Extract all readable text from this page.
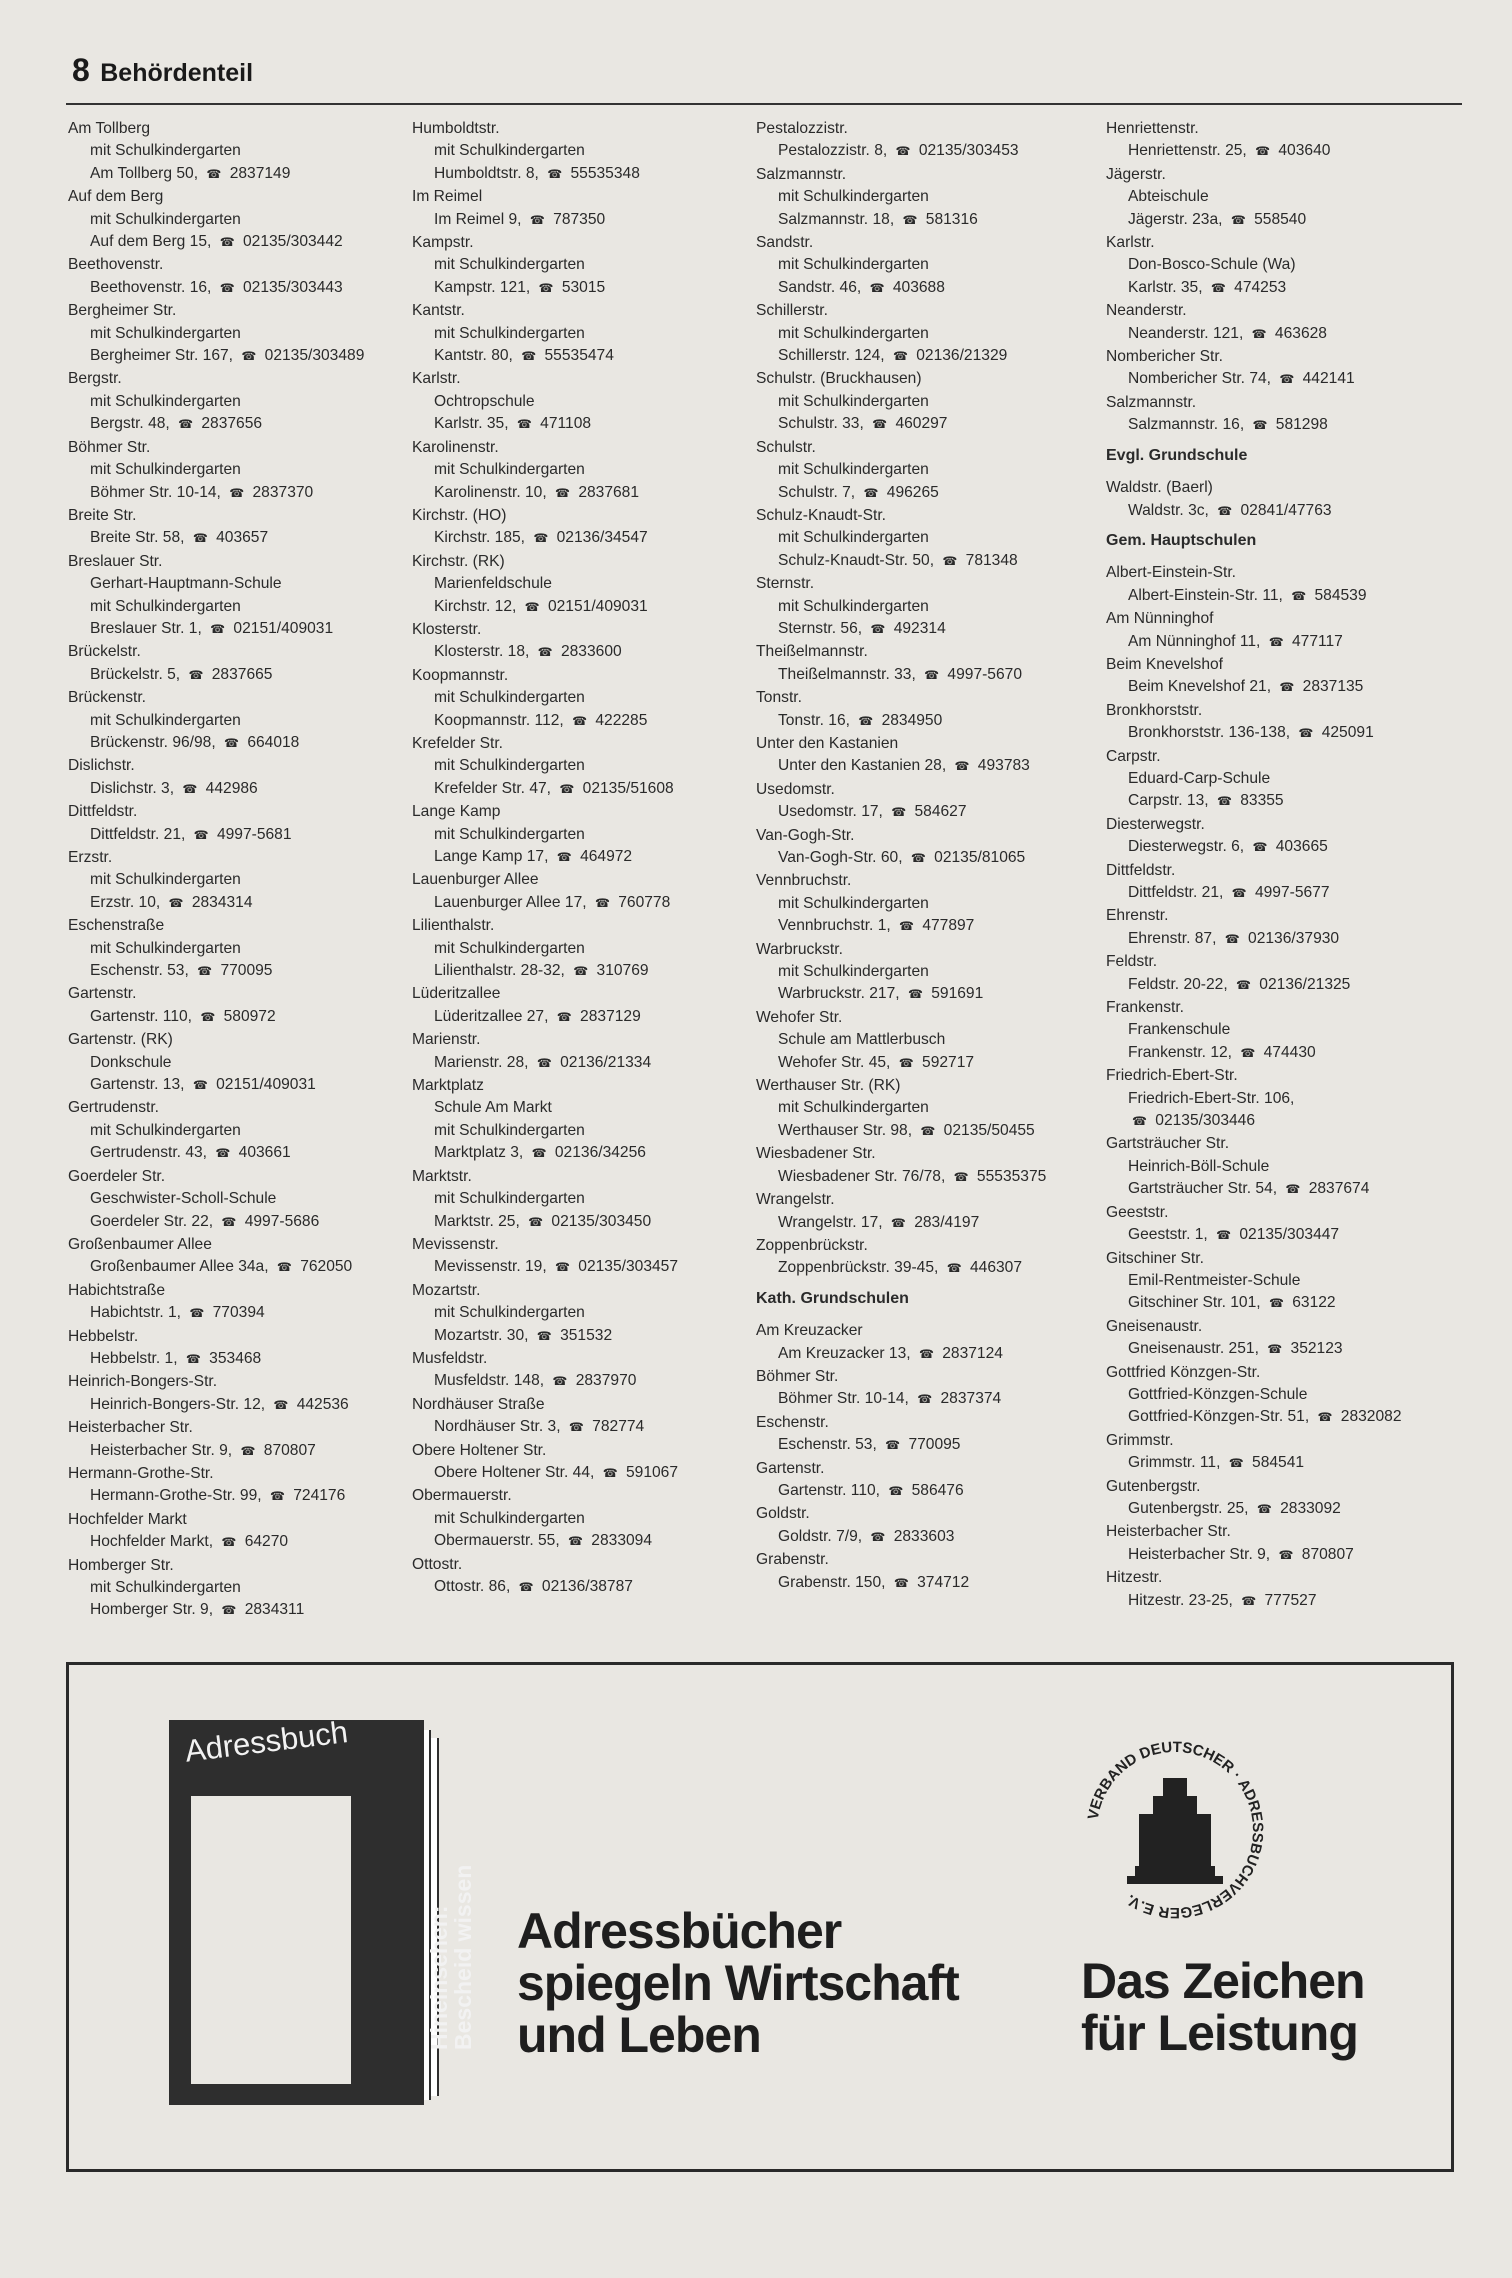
8 Behördenteil
Am Tollberg
mit Schulkindergarten
Am Tollberg 50, ☎ 2837149
Auf dem Berg
mit Schulkindergarten
Auf dem Berg 15, ☎ 02135/303442
Beethovenstr.
Beethovenstr. 16, ☎ 02135/303443
Bergheimer Str.
mit Schulkindergarten
Bergheimer Str. 167, ☎ 02135/303489
Bergstr.
mit Schulkindergarten
Bergstr. 48, ☎ 2837656
Böhmer Str.
mit Schulkindergarten
Böhmer Str. 10-14, ☎ 2837370
Breite Str.
Breite Str. 58, ☎ 403657
Breslauer Str.
Gerhart-Hauptmann-Schule
mit Schulkindergarten
Breslauer Str. 1, ☎ 02151/409031
Brückelstr.
Brückelstr. 5, ☎ 2837665
Brückenstr.
mit Schulkindergarten
Brückenstr. 96/98, ☎ 664018
Dislichstr.
Dislichstr. 3, ☎ 442986
Dittfeldstr.
Dittfeldstr. 21, ☎ 4997-5681
Erzstr.
mit Schulkindergarten
Erzstr. 10, ☎ 2834314
Eschenstraße
mit Schulkindergarten
Eschenstr. 53, ☎ 770095
Gartenstr.
Gartenstr. 110, ☎ 580972
Gartenstr. (RK)
Donkschule
Gartenstr. 13, ☎ 02151/409031
Gertrudenstr.
mit Schulkindergarten
Gertrudenstr. 43, ☎ 403661
Goerdeler Str.
Geschwister-Scholl-Schule
Goerdeler Str. 22, ☎ 4997-5686
Großenbaumer Allee
Großenbaumer Allee 34a, ☎ 762050
Habichtstraße
Habichtstr. 1, ☎ 770394
Hebbelstr.
Hebbelstr. 1, ☎ 353468
Heinrich-Bongers-Str.
Heinrich-Bongers-Str. 12, ☎ 442536
Heisterbacher Str.
Heisterbacher Str. 9, ☎ 870807
Hermann-Grothe-Str.
Hermann-Grothe-Str. 99, ☎ 724176
Hochfelder Markt
Hochfelder Markt, ☎ 64270
Homberger Str.
mit Schulkindergarten
Homberger Str. 9, ☎ 2834311
Humboldtstr.
mit Schulkindergarten
Humboldtstr. 8, ☎ 55535348
Im Reimel
Im Reimel 9, ☎ 787350
Kampstr.
mit Schulkindergarten
Kampstr. 121, ☎ 53015
Kantstr.
mit Schulkindergarten
Kantstr. 80, ☎ 55535474
Karlstr.
Ochtropschule
Karlstr. 35, ☎ 471108
Karolinenstr.
mit Schulkindergarten
Karolinenstr. 10, ☎ 2837681
Kirchstr. (HO)
Kirchstr. 185, ☎ 02136/34547
Kirchstr. (RK)
Marienfeldschule
Kirchstr. 12, ☎ 02151/409031
Klosterstr.
Klosterstr. 18, ☎ 2833600
Koopmannstr.
mit Schulkindergarten
Koopmannstr. 112, ☎ 422285
Krefelder Str.
mit Schulkindergarten
Krefelder Str. 47, ☎ 02135/51608
Lange Kamp
mit Schulkindergarten
Lange Kamp 17, ☎ 464972
Lauenburger Allee
Lauenburger Allee 17, ☎ 760778
Lilienthalstr.
mit Schulkindergarten
Lilienthalstr. 28-32, ☎ 310769
Lüderitzallee
Lüderitzallee 27, ☎ 2837129
Marienstr.
Marienstr. 28, ☎ 02136/21334
Marktplatz
Schule Am Markt
mit Schulkindergarten
Marktplatz 3, ☎ 02136/34256
Marktstr.
mit Schulkindergarten
Marktstr. 25, ☎ 02135/303450
Mevissenstr.
Mevissenstr. 19, ☎ 02135/303457
Mozartstr.
mit Schulkindergarten
Mozartstr. 30, ☎ 351532
Musfeldstr.
Musfeldstr. 148, ☎ 2837970
Nordhäuser Straße
Nordhäuser Str. 3, ☎ 782774
Obere Holtener Str.
Obere Holtener Str. 44, ☎ 591067
Obermauerstr.
mit Schulkindergarten
Obermauerstr. 55, ☎ 2833094
Ottostr.
Ottostr. 86, ☎ 02136/38787
Pestalozzistr.
Pestalozzistr. 8, ☎ 02135/303453
Salzmannstr.
mit Schulkindergarten
Salzmannstr. 18, ☎ 581316
Sandstr.
mit Schulkindergarten
Sandstr. 46, ☎ 403688
Schillerstr.
mit Schulkindergarten
Schillerstr. 124, ☎ 02136/21329
Schulstr. (Bruckhausen)
mit Schulkindergarten
Schulstr. 33, ☎ 460297
Schulstr.
mit Schulkindergarten
Schulstr. 7, ☎ 496265
Schulz-Knaudt-Str.
mit Schulkindergarten
Schulz-Knaudt-Str. 50, ☎ 781348
Sternstr.
mit Schulkindergarten
Sternstr. 56, ☎ 492314
Theißelmannstr.
Theißelmannstr. 33, ☎ 4997-5670
Tonstr.
Tonstr. 16, ☎ 2834950
Unter den Kastanien
Unter den Kastanien 28, ☎ 493783
Usedomstr.
Usedomstr. 17, ☎ 584627
Van-Gogh-Str.
Van-Gogh-Str. 60, ☎ 02135/81065
Vennbruchstr.
mit Schulkindergarten
Vennbruchstr. 1, ☎ 477897
Warbruckstr.
mit Schulkindergarten
Warbruckstr. 217, ☎ 591691
Wehofer Str.
Schule am Mattlerbusch
Wehofer Str. 45, ☎ 592717
Werthauser Str. (RK)
mit Schulkindergarten
Werthauser Str. 98, ☎ 02135/50455
Wiesbadener Str.
Wiesbadener Str. 76/78, ☎ 55535375
Wrangelstr.
Wrangelstr. 17, ☎ 283/4197
Zoppenbrückstr.
Zoppenbrückstr. 39-45, ☎ 446307
Kath. Grundschulen
Am Kreuzacker
Am Kreuzacker 13, ☎ 2837124
Böhmer Str.
Böhmer Str. 10-14, ☎ 2837374
Eschenstr.
Eschenstr. 53, ☎ 770095
Gartenstr.
Gartenstr. 110, ☎ 586476
Goldstr.
Goldstr. 7/9, ☎ 2833603
Grabenstr.
Grabenstr. 150, ☎ 374712
Henriettenstr.
Henriettenstr. 25, ☎ 403640
Jägerstr.
Abteischule
Jägerstr. 23a, ☎ 558540
Karlstr.
Don-Bosco-Schule (Wa)
Karlstr. 35, ☎ 474253
Neanderstr.
Neanderstr. 121, ☎ 463628
Nombericher Str.
Nombericher Str. 74, ☎ 442141
Salzmannstr.
Salzmannstr. 16, ☎ 581298
Evgl. Grundschule
Waldstr. (Baerl)
Waldstr. 3c, ☎ 02841/47763
Gem. Hauptschulen
Albert-Einstein-Str.
Albert-Einstein-Str. 11, ☎ 584539
Am Nünninghof
Am Nünninghof 11, ☎ 477117
Beim Knevelshof
Beim Knevelshof 21, ☎ 2837135
Bronkhorststr.
Bronkhorststr. 136-138, ☎ 425091
Carpstr.
Eduard-Carp-Schule
Carpstr. 13, ☎ 83355
Diesterwegstr.
Diesterwegstr. 6, ☎ 403665
Dittfeldstr.
Dittfeldstr. 21, ☎ 4997-5677
Ehrenstr.
Ehrenstr. 87, ☎ 02136/37930
Feldstr.
Feldstr. 20-22, ☎ 02136/21325
Frankenstr.
Frankenschule
Frankenstr. 12, ☎ 474430
Friedrich-Ebert-Str.
Friedrich-Ebert-Str. 106,
☎ 02135/303446
Gartsträucher Str.
Heinrich-Böll-Schule
Gartsträucher Str. 54, ☎ 2837674
Geeststr.
Geeststr. 1, ☎ 02135/303447
Gitschiner Str.
Emil-Rentmeister-Schule
Gitschiner Str. 101, ☎ 63122
Gneisenaustr.
Gneisenaustr. 251, ☎ 352123
Gottfried Könzgen-Str.
Gottfried-Könzgen-Schule
Gottfried-Könzgen-Str. 51, ☎ 2832082
Grimmstr.
Grimmstr. 11, ☎ 584541
Gutenbergstr.
Gutenbergstr. 25, ☎ 2833092
Heisterbacher Str.
Heisterbacher Str. 9, ☎ 870807
Hitzestr.
Hitzestr. 23-25, ☎ 777527
Adressbuch
Hineinsehen:
Bescheid wissen Adressbücher
spiegeln Wirtschaft
und Leben
VERBAND DEUTSCHER · ADRESSBUCHVERLEGER E.V.
Das Zeichen
für Leistung
